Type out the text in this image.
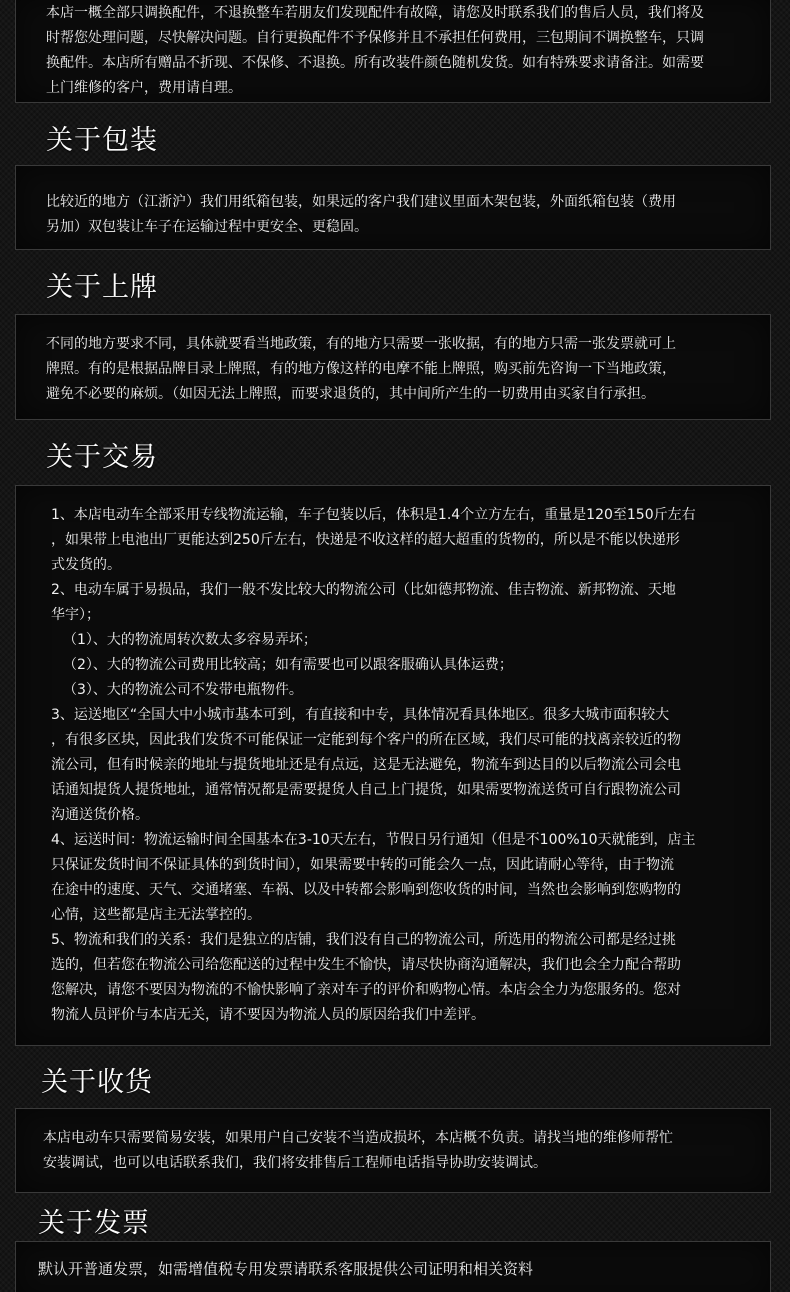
本店一概全部只调换配件，不退换整车若朋友们发现配件有故障，请您及时联系我们的售后人员，我们将及

时帮您处理问题，尽快解决问题。自行更换配件不予保修并且不承担任何费用，三包期间不调换整车，只调

换配件。本店所有赠品不折现、不保修、不退换。所有改装件颜色随机发货。如有特殊要求请备注。如需要

上门维修的客户，费用请自理。

关于包装

比较近的地方（江浙沪）我们用纸箱包装，如果远的客户我们建议里面木架包装，外面纸箱包装（费用

另加）双包装让车子在运输过程中更安全、更稳固。

关于上牌

不同的地方要求不同，具体就要看当地政策，有的地方只需要一张收据，有的地方只需一张发票就可上

牌照。有的是根据品牌目录上牌照，有的地方像这样的电摩不能上牌照，购买前先咨询一下当地政策，

避免不必要的麻烦。（如因无法上牌照，而要求退货的，其中间所产生的一切费用由买家自行承担。

关于交易

1、本店电动车全部采用专线物流运输，车子包装以后，体积是1.4个立方左右，重量是120至150斤左右

，如果带上电池出厂更能达到250斤左右，快递是不收这样的超大超重的货物的，所以是不能以快递形

式发货的。

2、电动车属于易损品，我们一般不发比较大的物流公司（比如德邦物流、佳吉物流、新邦物流、天地

华宇）；

（1）、大的物流周转次数太多容易弄坏；

（2）、大的物流公司费用比较高；如有需要也可以跟客服确认具体运费；

（3）、大的物流公司不发带电瓶物件。

3、运送地区“全国大中小城市基本可到，有直接和中专，具体情况看具体地区。很多大城市面积较大

，有很多区块，因此我们发货不可能保证一定能到每个客户的所在区域，我们尽可能的找离亲较近的物

流公司，但有时候亲的地址与提货地址还是有点远，这是无法避免，物流车到达目的以后物流公司会电

话通知提货人提货地址，通常情况都是需要提货人自己上门提货，如果需要物流送货可自行跟物流公司

沟通送货价格。

4、运送时间：物流运输时间全国基本在3-10天左右，节假日另行通知（但是不100%10天就能到，店主

只保证发货时间不保证具体的到货时间），如果需要中转的可能会久一点，因此请耐心等待，由于物流

在途中的速度、天气、交通堵塞、车祸、以及中转都会影响到您收货的时间，当然也会影响到您购物的

心情，这些都是店主无法掌控的。

5、物流和我们的关系：我们是独立的店铺，我们没有自己的物流公司，所选用的物流公司都是经过挑

选的，但若您在物流公司给您配送的过程中发生不愉快，请尽快协商沟通解决，我们也会全力配合帮助

您解决，请您不要因为物流的不愉快影响了亲对车子的评价和购物心情。本店会全力为您服务的。您对

物流人员评价与本店无关，请不要因为物流人员的原因给我们中差评。

关于收货

本店电动车只需要简易安装，如果用户自己安装不当造成损坏，本店概不负责。请找当地的维修师帮忙

安装调试，也可以电话联系我们，我们将安排售后工程师电话指导协助安装调试。

关于发票

默认开普通发票，如需增值税专用发票请联系客服提供公司证明和相关资料
